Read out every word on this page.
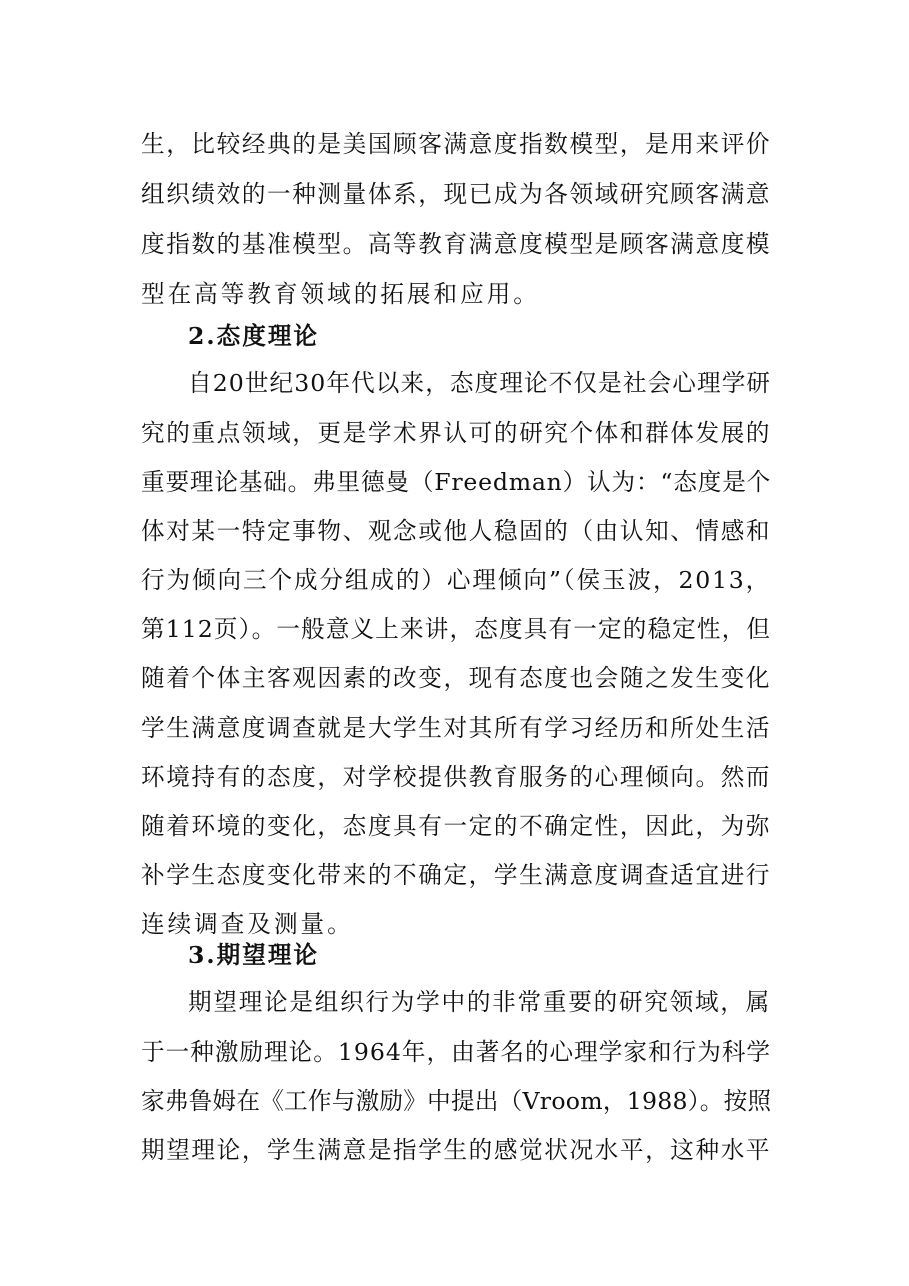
生，比较经典的是美国顾客满意度指数模型，是用来评价
组织绩效的一种测量体系，现已成为各领域研究顾客满意
度指数的基准模型。高等教育满意度模型是顾客满意度模
型在高等教育领域的拓展和应用。
2.态度理论
自20世纪30年代以来，态度理论不仅是社会心理学研
究的重点领域，更是学术界认可的研究个体和群体发展的
重要理论基础。弗里德曼（Freedman）认为：“态度是个
体对某一特定事物、观念或他人稳固的（由认知、情感和
行为倾向三个成分组成的）心理倾向”（侯玉波，2013，
第112页）。一般意义上来讲，态度具有一定的稳定性，但
随着个体主客观因素的改变，现有态度也会随之发生变化
学生满意度调查就是大学生对其所有学习经历和所处生活
环境持有的态度，对学校提供教育服务的心理倾向。然而
随着环境的变化，态度具有一定的不确定性，因此，为弥
补学生态度变化带来的不确定，学生满意度调查适宜进行
连续调查及测量。
3.期望理论
期望理论是组织行为学中的非常重要的研究领域，属
于一种激励理论。1964年，由著名的心理学家和行为科学
家弗鲁姆在《工作与激励》中提出（Vroom，1988）。按照
期望理论，学生满意是指学生的感觉状况水平，这种水平
